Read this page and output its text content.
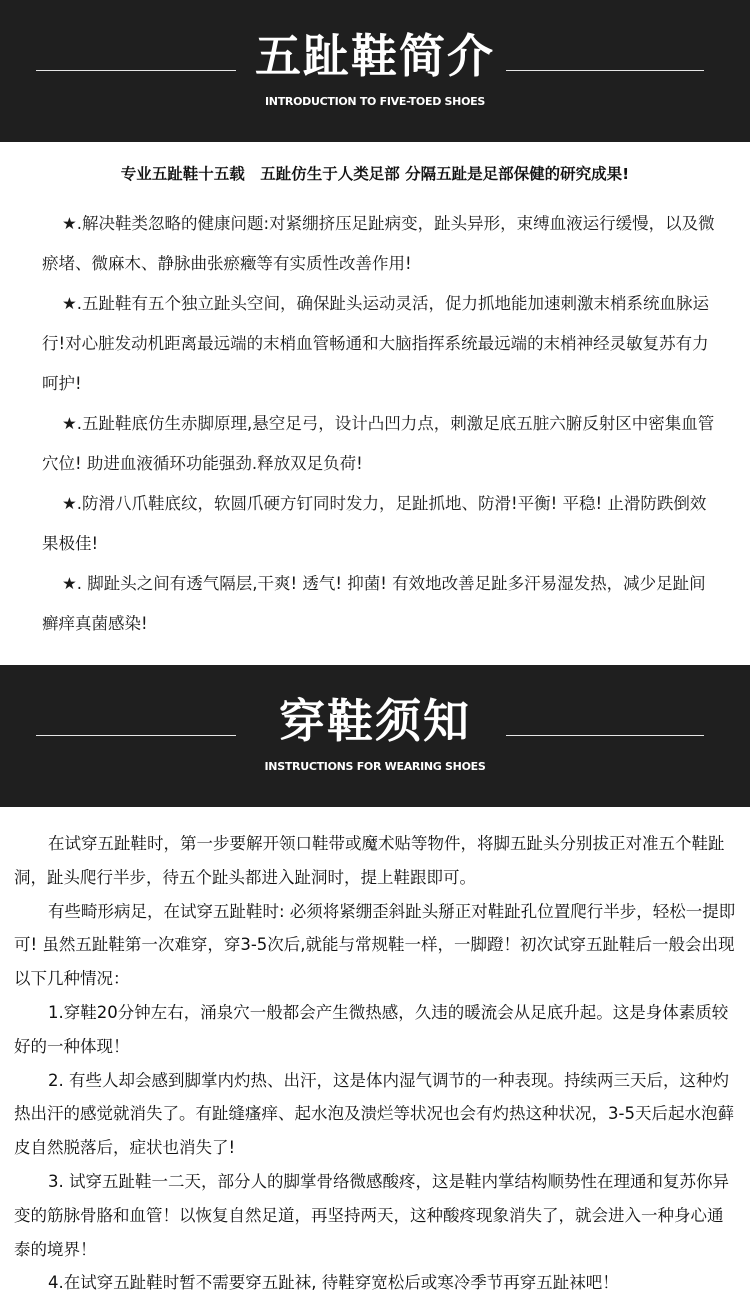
五趾鞋简介
INTRODUCTION TO FIVE-TOED SHOES
专业五趾鞋十五载　五趾仿生于人类足部 分隔五趾是足部保健的研究成果!

★.解决鞋类忽略的健康问题:对紧绷挤压足趾病变，趾头异形，束缚血液运行缓慢，以及微瘀堵、微麻木、静脉曲张瘀癥等有实质性改善作用!

★.五趾鞋有五个独立趾头空间，确保趾头运动灵活，促力抓地能加速刺激末梢系统血脉运行!对心脏发动机距离最远端的末梢血管畅通和大脑指挥系统最远端的末梢神经灵敏复苏有力呵护!

★.五趾鞋底仿生赤脚原理,悬空足弓，设计凸凹力点，刺激足底五脏六腑反射区中密集血管穴位! 助进血液循环功能强劲.释放双足负荷!

★.防滑八爪鞋底纹，软圆爪硬方钉同时发力，足趾抓地、防滑!平衡! 平稳! 止滑防跌倒效果极佳!

★. 脚趾头之间有透气隔层,干爽! 透气! 抑菌! 有效地改善足趾多汗易湿发热，减少足趾间癣痒真菌感染!

穿鞋须知
INSTRUCTIONS FOR WEARING SHOES

在试穿五趾鞋时，第一步要解开领口鞋带或魔术贴等物件，将脚五趾头分别拔正对准五个鞋趾洞，趾头爬行半步，待五个趾头都进入趾洞时，提上鞋跟即可。

有些畸形病足，在试穿五趾鞋时: 必须将紧绷歪斜趾头掰正对鞋趾孔位置爬行半步，轻松一提即可! 虽然五趾鞋第一次难穿，穿3-5次后,就能与常规鞋一样，一脚蹬！初次试穿五趾鞋后一般会出现以下几种情况：

1.穿鞋20分钟左右，涌泉穴一般都会产生微热感，久违的暖流会从足底升起。这是身体素质较好的一种体现！

2. 有些人却会感到脚掌内灼热、出汗，这是体内湿气调节的一种表现。持续两三天后，这种灼热出汗的感觉就消失了。有趾缝瘙痒、起水泡及溃烂等状况也会有灼热这种状况，3-5天后起水泡藓皮自然脱落后，症状也消失了!

3. 试穿五趾鞋一二天，部分人的脚掌骨络微感酸疼，这是鞋内掌结构顺势性在理通和复苏你异变的筋脉骨胳和血管！以恢复自然足道，再坚持两天，这种酸疼现象消失了，就会进入一种身心通泰的境界！

4.在试穿五趾鞋时暂不需要穿五趾袜, 待鞋穿宽松后或寒冷季节再穿五趾袜吧！
